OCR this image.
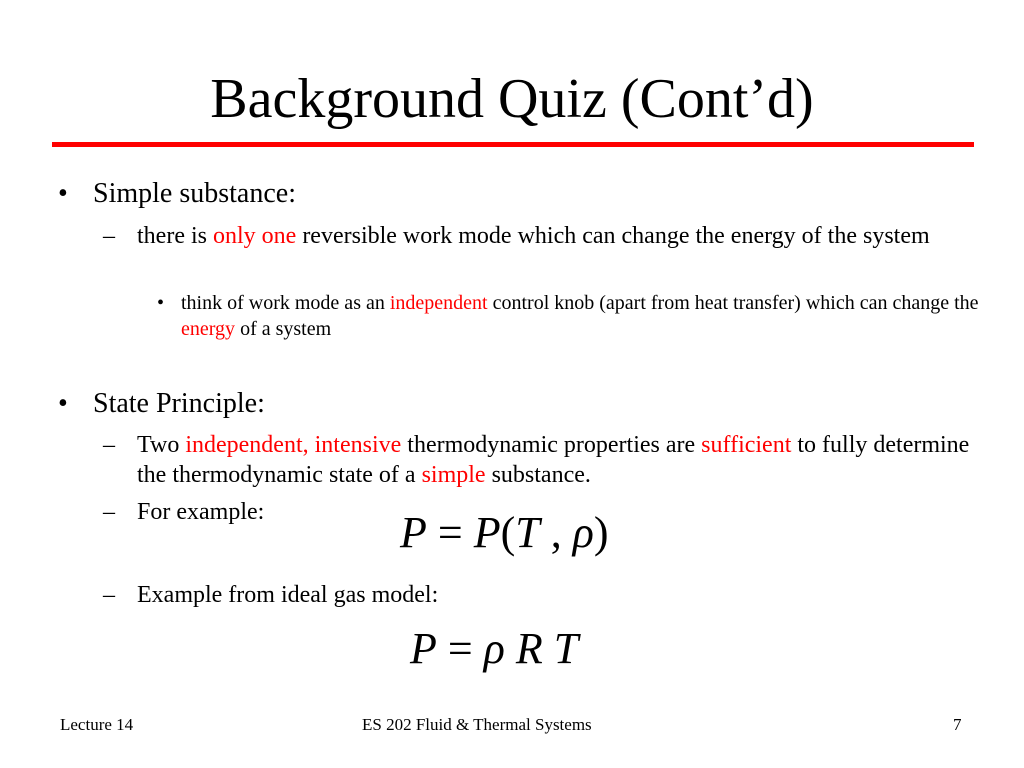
Background Quiz (Cont’d)
• Simple substance:
– there is only one reversible work mode which can change the energy of the system
• think of work mode as an independent control knob (apart from heat transfer) which can change the energy of a system
• State Principle:
– Two independent, intensive thermodynamic properties are sufficient to fully determine the thermodynamic state of a simple substance.
– For example:	P = P(T , ρ)
– Example from ideal gas model:
P = ρ R T
Lecture 14	ES 202 Fluid & Thermal Systems	7
